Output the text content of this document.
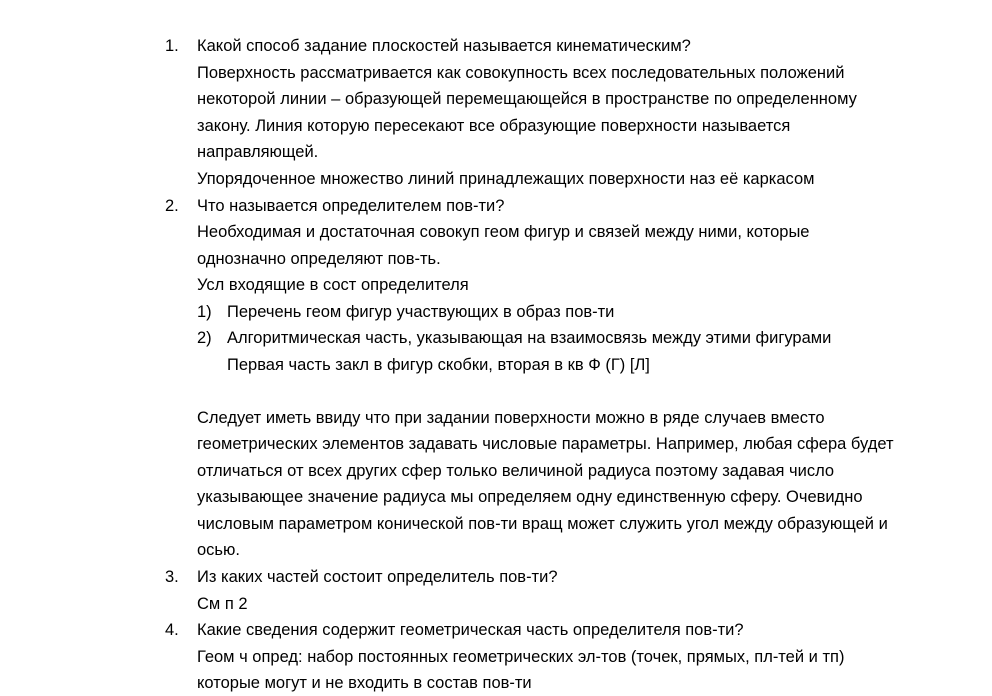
1. Какой способ задание плоскостей называется кинематическим?
Поверхность рассматривается как совокупность всех последовательных положений
некоторой линии – образующей перемещающейся в пространстве по определенному
закону. Линия которую пересекают все образующие поверхности называется
направляющей.
Упорядоченное множество линий принадлежащих поверхности наз её каркасом
2. Что называется определителем пов-ти?
Необходимая и достаточная совокуп геом фигур и связей между ними, которые
однозначно определяют пов-ть.
Усл входящие в сост определителя
1) Перечень геом фигур участвующих в образ пов-ти
2) Алгоритмическая часть, указывающая на взаимосвязь между этими фигурами
Первая часть закл в фигур скобки, вторая в кв Ф (Г) [Л]
Следует иметь ввиду что при задании поверхности можно в ряде случаев вместо
геометрических элементов задавать числовые параметры. Например, любая сфера будет
отличаться от всех других сфер только величиной радиуса поэтому задавая число
указывающее значение радиуса мы определяем одну единственную сферу. Очевидно
числовым параметром конической пов-ти вращ может служить угол между образующей и
осью.
3. Из каких частей состоит определитель пов-ти?
См п 2
4. Какие сведения содержит геометрическая часть определителя пов-ти?
Геом ч опред: набор постоянных геометрических эл-тов (точек, прямых, пл-тей и тп)
которые могут и не входить в состав пов-ти
